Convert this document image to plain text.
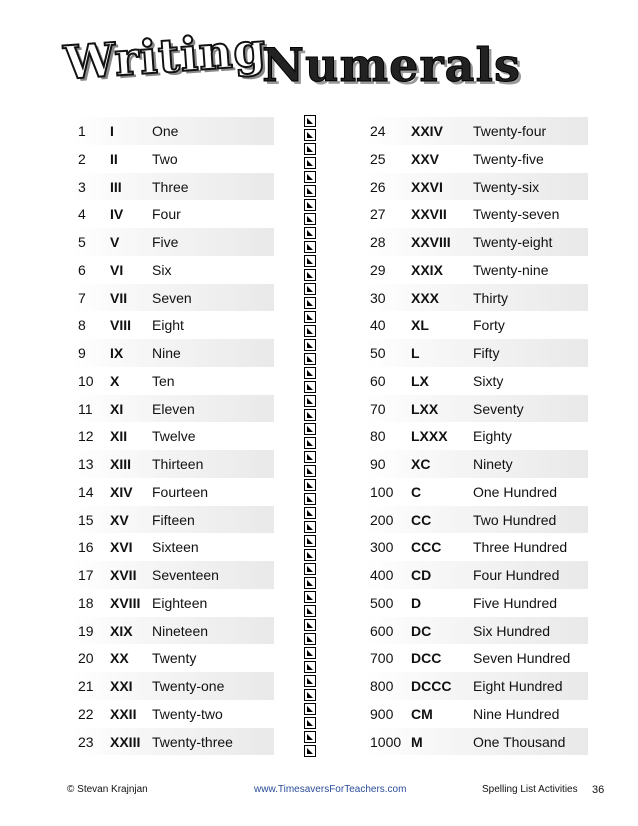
Writing
Numerals
1 I	One
2 II Two
3 III Three
4 IV Four
5 V Five
6 VI Six
7 VII Seven
8 VIII Eight
9 IX Nine
10 X Ten
11 XI Eleven
12 XII Twelve
13 XIII Thirteen
14 XIV Fourteen
15 XV Fifteen
16 XVI Sixteen
17 XVII Seventeen
18 XVIII Eighteen
19 XIX Nineteen
20 XX Twenty
21 XXI Twenty-one
22 XXII Twenty-two
23 XXIII Twenty-three
24 XXIV Twenty-four
25 XXV Twenty-five
26 XXVI Twenty-six
27 XXVII Twenty-seven
28 XXVIII Twenty-eight
29 XXIX Twenty-nine
30 XXX Thirty
40 XL	Forty
50 L	Fifty
60 LX	Sixty
70 LXX Seventy
80 LXXX Eighty
90 XC	Ninety
100 C	One Hundred
200 CC	Two Hundred
300 CCC Three Hundred
400 CD	Four Hundred
500 D	Five Hundred
600 DC	Six Hundred
700 DCC Seven Hundred
800 DCCC Eight Hundred
900 CM	Nine Hundred
1000 M	One Thousand
© Stevan Krajnjan	www.TimesaversForTeachers.com	Spelling List Activities 36
